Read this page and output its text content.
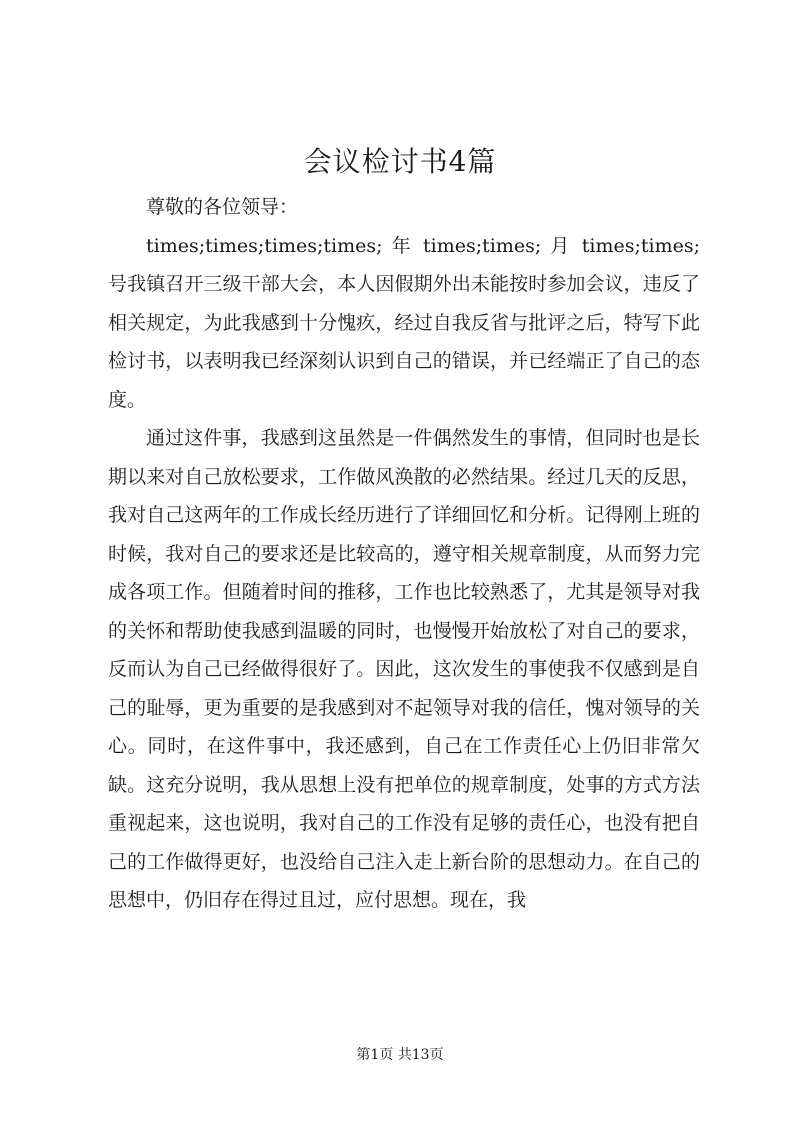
会议检讨书4篇

尊敬的各位领导：

times;times;times;times; 年 times;times; 月 times;times;号我镇召开三级干部大会，本人因假期外出未能按时参加会议，违反了相关规定，为此我感到十分愧疚，经过自我反省与批评之后，特写下此检讨书，以表明我已经深刻认识到自己的错误，并已经端正了自己的态度。

通过这件事，我感到这虽然是一件偶然发生的事情，但同时也是长期以来对自己放松要求，工作做风涣散的必然结果。经过几天的反思，我对自己这两年的工作成长经历进行了详细回忆和分析。记得刚上班的时候，我对自己的要求还是比较高的，遵守相关规章制度，从而努力完成各项工作。但随着时间的推移，工作也比较熟悉了，尤其是领导对我的关怀和帮助使我感到温暖的同时，也慢慢开始放松了对自己的要求，反而认为自己已经做得很好了。因此，这次发生的事使我不仅感到是自己的耻辱，更为重要的是我感到对不起领导对我的信任，愧对领导的关心。同时，在这件事中，我还感到，自己在工作责任心上仍旧非常欠缺。这充分说明，我从思想上没有把单位的规章制度，处事的方式方法重视起来，这也说明，我对自己的工作没有足够的责任心，也没有把自己的工作做得更好，也没给自己注入走上新台阶的思想动力。在自己的思想中，仍旧存在得过且过，应付思想。现在，我

第1页 共13页
